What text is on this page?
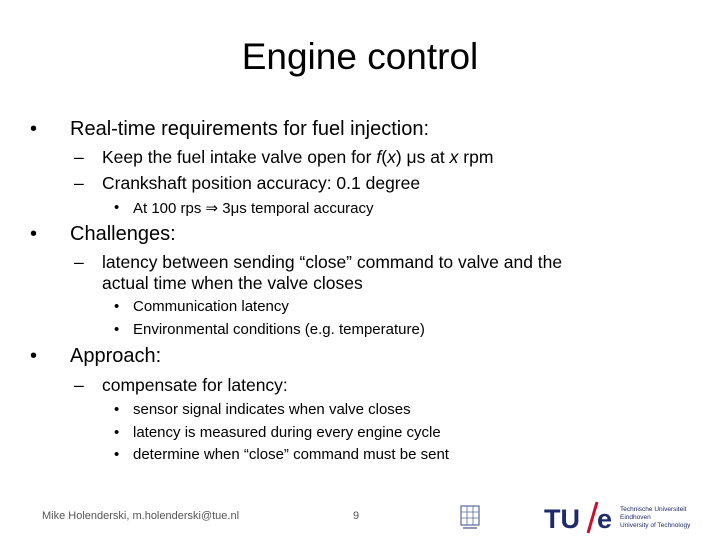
Engine control
• Real-time requirements for fuel injection:
– Keep the fuel intake valve open for f(x) μs at x rpm
– Crankshaft position accuracy: 0.1 degree
• At 100 rps ⇒ 3μs temporal accuracy
• Challenges:
– latency between sending “close” command to valve and the
actual time when the valve closes
• Communication latency
• Environmental conditions (e.g. temperature)
• Approach:
– compensate for latency:
• sensor signal indicates when valve closes
• latency is measured during every engine cycle
• determine when “close” command must be sent
Mike Holenderski, m.holenderski@tue.nl	9	TU e Technische Universiteit
Eindhoven
University of Technology
